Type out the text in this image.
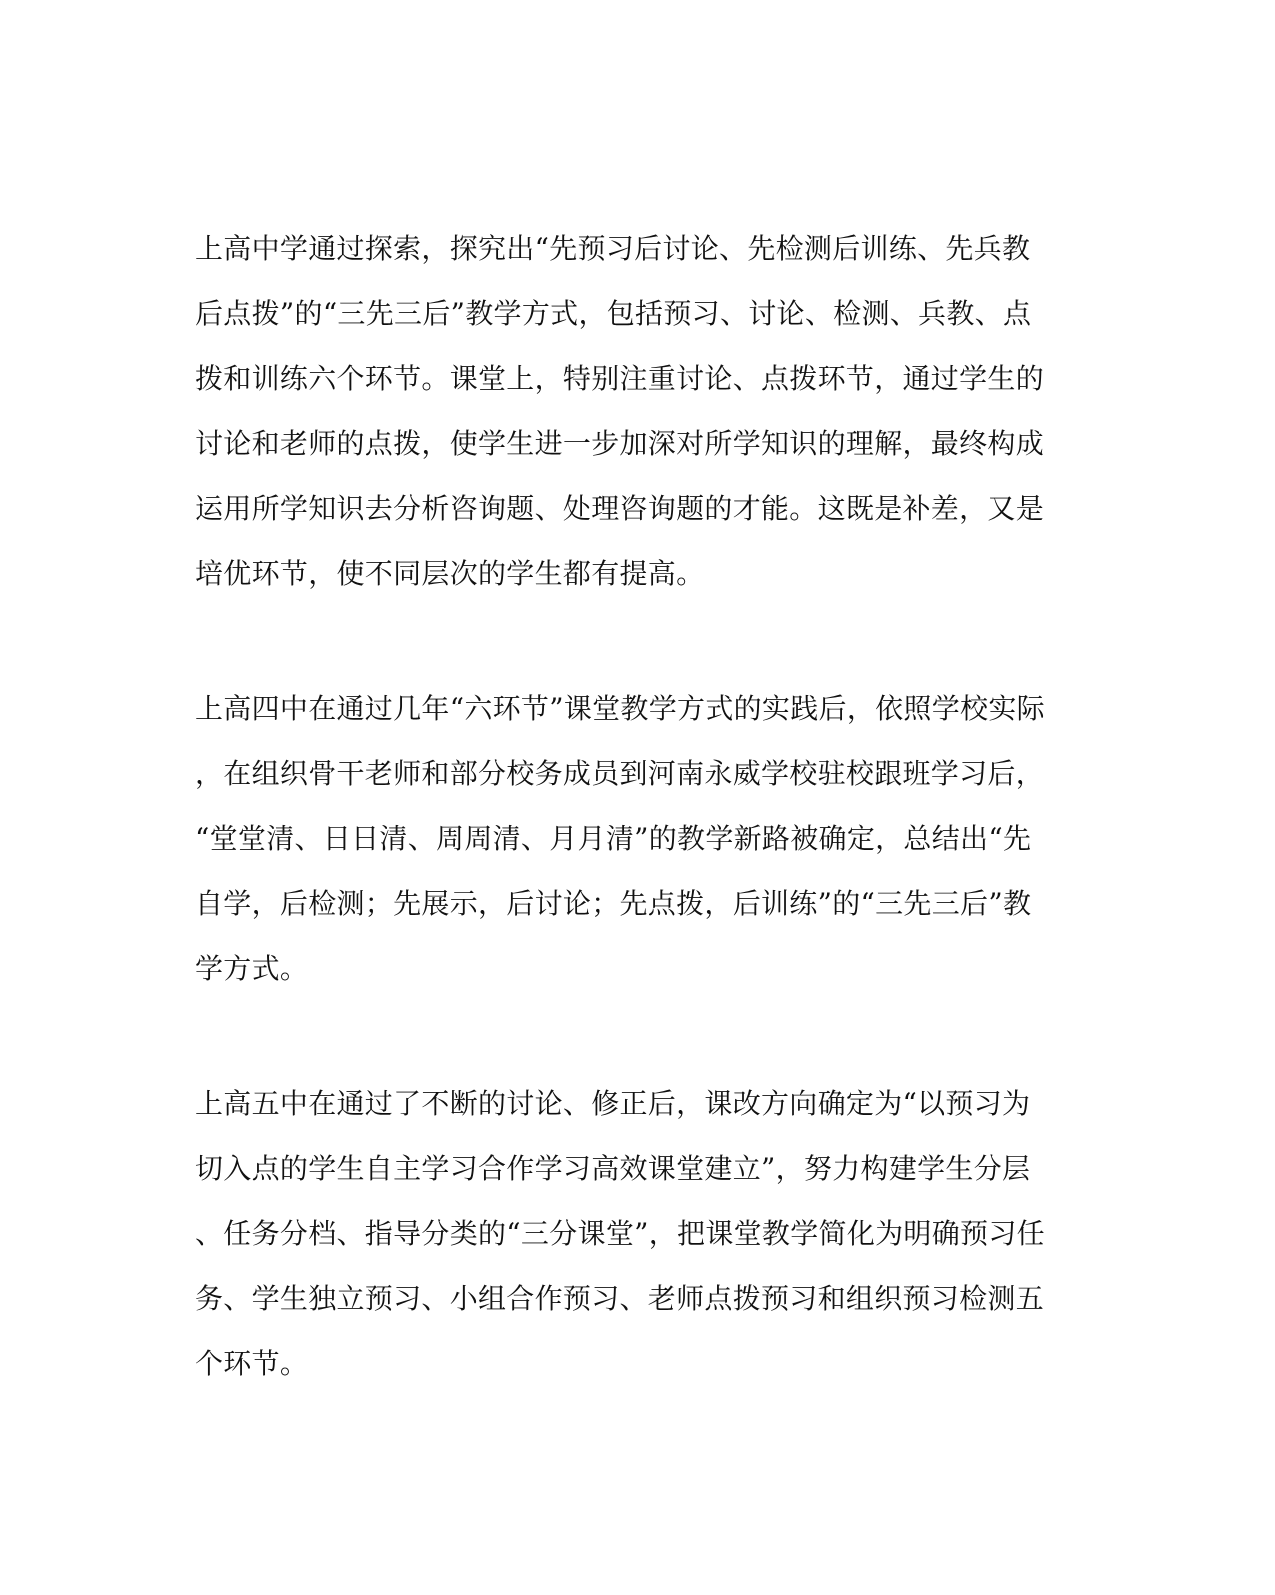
上高中学通过探索，探究出“先预习后讨论、先检测后训练、先兵教
后点拨”的“三先三后”教学方式，包括预习、讨论、检测、兵教、点
拨和训练六个环节。课堂上，特别注重讨论、点拨环节，通过学生的
讨论和老师的点拨，使学生进一步加深对所学知识的理解，最终构成
运用所学知识去分析咨询题、处理咨询题的才能。这既是补差，又是
培优环节，使不同层次的学生都有提高。
上高四中在通过几年“六环节”课堂教学方式的实践后，依照学校实际
，在组织骨干老师和部分校务成员到河南永威学校驻校跟班学习后，
“堂堂清、日日清、周周清、月月清”的教学新路被确定，总结出“先
自学，后检测；先展示，后讨论；先点拨，后训练”的“三先三后”教
学方式。
上高五中在通过了不断的讨论、修正后，课改方向确定为“以预习为
切入点的学生自主学习合作学习高效课堂建立”，努力构建学生分层
、任务分档、指导分类的“三分课堂”，把课堂教学简化为明确预习任
务、学生独立预习、小组合作预习、老师点拨预习和组织预习检测五
个环节。
